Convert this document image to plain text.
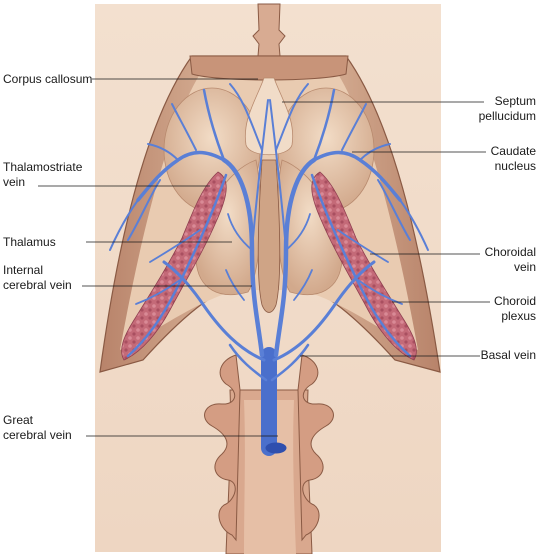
Corpus callosum
Septum
pellucidum
Thalamostriate
vein
Caudate
nucleus
Thalamus
Choroidal
vein
Internal
cerebral vein
Choroid
plexus
Basal vein
Great
cerebral vein
